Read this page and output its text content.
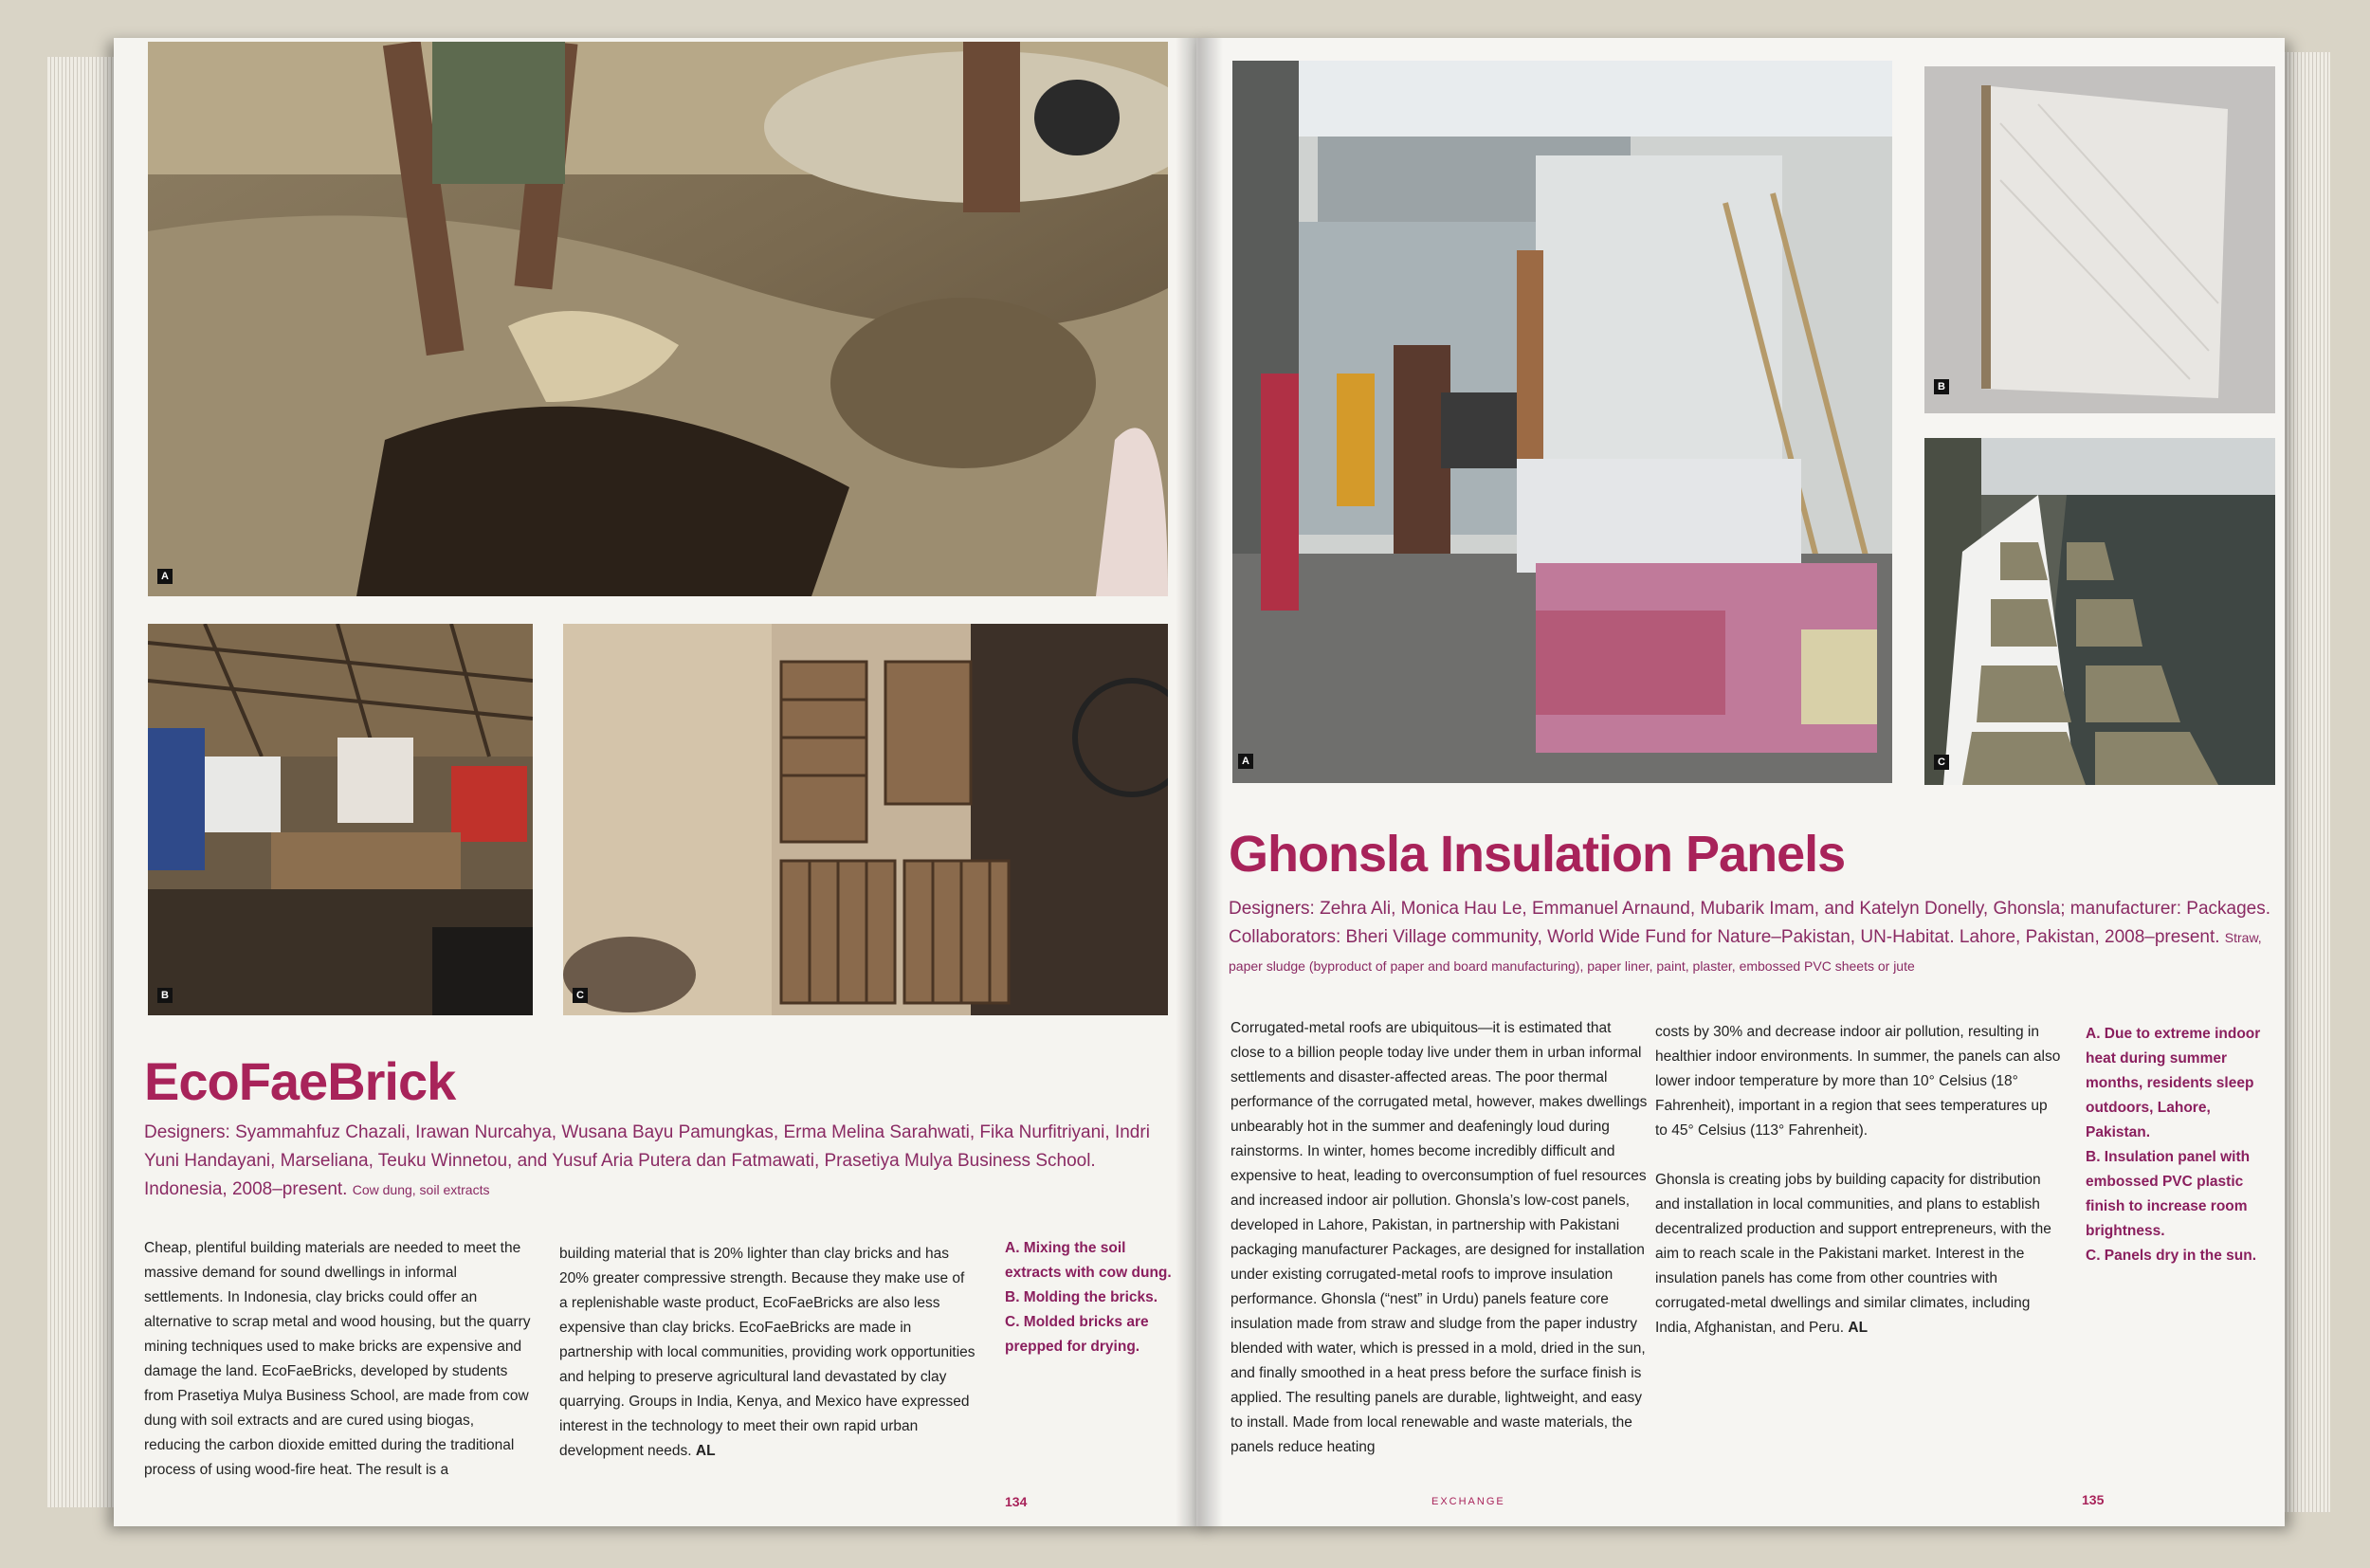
A
B	C
EcoFaeBrick
Designers: Syammahfuz Chazali, Irawan Nurcahya, Wusana Bayu Pamungkas, Erma Melina Sarahwati, Fika Nurfitriyani, Indri Yuni Handayani, Marseliana, Teuku Winnetou, and Yusuf Aria Putera dan Fatmawati, Prasetiya Mulya Business School. Indonesia, 2008–present. Cow dung, soil extracts
Cheap, plentiful building materials are needed to meet the massive demand for sound dwellings in informal settlements. In Indonesia, clay bricks could offer an alternative to scrap metal and wood housing, but the quarry mining techniques used to make bricks are expensive and damage the land. EcoFaeBricks, developed by students from Prasetiya Mulya Business School, are made from cow dung with soil extracts and are cured using biogas, reducing the carbon dioxide emitted during the traditional process of using wood-fire heat. The result is a
building material that is 20% lighter than clay bricks and has 20% greater compressive strength. Because they make use of a replenishable waste product, EcoFaeBricks are also less expensive than clay bricks. EcoFaeBricks are made in partnership with local communities, providing work opportunities and helping to preserve agricultural land devastated by clay quarrying. Groups in India, Kenya, and Mexico have expressed interest in the technology to meet their own rapid urban development needs. AL
A. Mixing the soil extracts with cow dung.
B. Molding the bricks.
C. Molded bricks are prepped for drying.
134
A
B
C
Ghonsla Insulation Panels
Designers: Zehra Ali, Monica Hau Le, Emmanuel Arnaund, Mubarik Imam, and Katelyn Donelly, Ghonsla; manufacturer: Packages. Collaborators: Bheri Village community, World Wide Fund for Nature–Pakistan, UN-Habitat. Lahore, Pakistan, 2008–present. Straw, paper sludge (byproduct of paper and board manufacturing), paper liner, paint, plaster, embossed PVC sheets or jute
Corrugated-metal roofs are ubiquitous—it is estimated that close to a billion people today live under them in urban informal settlements and disaster-affected areas. The poor thermal performance of the corrugated metal, however, makes dwellings unbearably hot in the summer and deafeningly loud during rainstorms. In winter, homes become incredibly difficult and expensive to heat, leading to overconsumption of fuel resources and increased indoor air pollution. Ghonsla’s low-cost panels, developed in Lahore, Pakistan, in partnership with Pakistani packaging manufacturer Packages, are designed for installation under existing corrugated-metal roofs to improve insulation performance. Ghonsla (“nest” in Urdu) panels feature core insulation made from straw and sludge from the paper industry blended with water, which is pressed in a mold, dried in the sun, and finally smoothed in a heat press before the surface finish is applied. The resulting panels are durable, lightweight, and easy to install. Made from local renewable and waste materials, the panels reduce heating
costs by 30% and decrease indoor air pollution, resulting in healthier indoor environments. In summer, the panels can also lower indoor temperature by more than 10° Celsius (18° Fahrenheit), important in a region that sees temperatures up to 45° Celsius (113° Fahrenheit).
Ghonsla is creating jobs by building capacity for distribution and installation in local communities, and plans to establish decentralized production and support entrepreneurs, with the aim to reach scale in the Pakistani market. Interest in the insulation panels has come from other countries with corrugated-metal dwellings and similar climates, including India, Afghanistan, and Peru. AL
A. Due to extreme indoor heat during summer months, residents sleep outdoors, Lahore, Pakistan.
B. Insulation panel with embossed PVC plastic finish to increase room brightness.
C. Panels dry in the sun.
EXCHANGE	135
